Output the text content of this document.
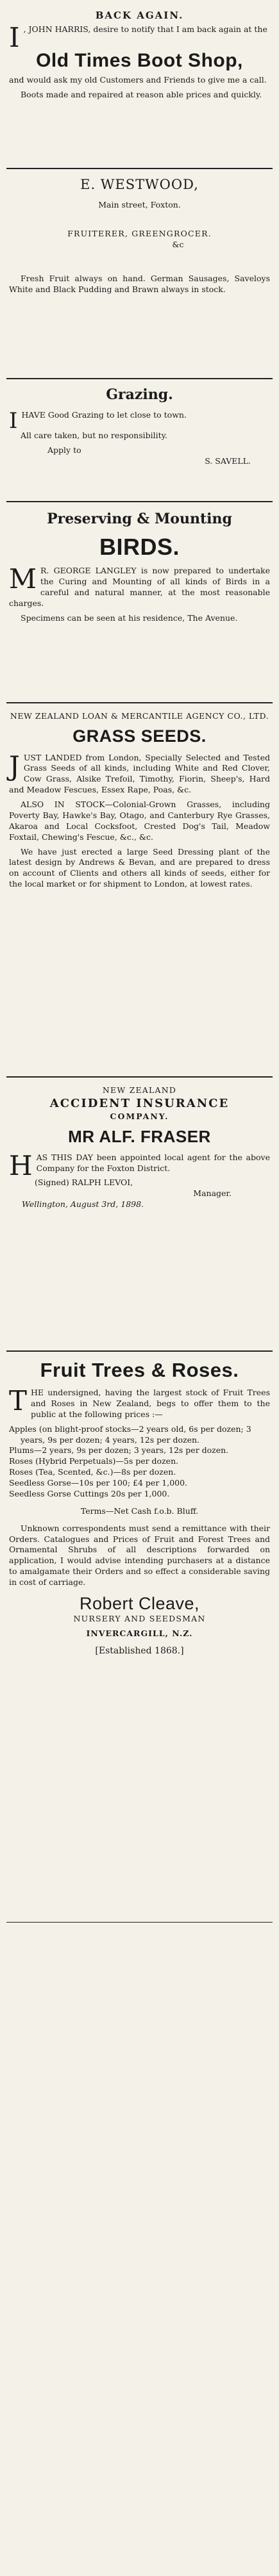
BACK AGAIN.
I , JOHN HARRIS, desire to notify that I am back again at the
Old Times Boot Shop,
and would ask my old Customers and Friends to give me a call.
Boots made and repaired at reason able prices and quickly.
E. WESTWOOD,
Main street, Foxton.
FRUITERER, GREENGROCER.
&c
Fresh Fruit always on hand. German Sausages, Saveloys White and Black Pudding and Brawn always in stock.
Grazing.
I HAVE Good Grazing to let close to town.
All care taken, but no responsibility.
Apply to
S. SAVELL.
Preserving & Mounting
BIRDS.
M R. GEORGE LANGLEY is now prepared to undertake the Curing and Mounting of all kinds of Birds in a careful and natural manner, at the most reasonable charges.
Specimens can be seen at his residence, The Avenue.
NEW ZEALAND LOAN & MERCANTILE AGENCY CO., LTD.
GRASS SEEDS.
J UST LANDED from London, Specially Selected and Tested Grass Seeds of all kinds, including White and Red Clover, Cow Grass, Alsike Trefoil, Timothy, Fiorin, Sheep's, Hard and Meadow Fescues, Essex Rape, Poas, &c.
ALSO IN STOCK—Colonial-Grown Grasses, including Poverty Bay, Hawke's Bay, Otago, and Canterbury Rye Grasses, Akaroa and Local Cocksfoot, Crested Dog's Tail, Meadow Foxtail, Chewing's Fescue, &c., &c.
We have just erected a large Seed Dressing plant of the latest design by Andrews & Bevan, and are prepared to dress on account of Clients and others all kinds of seeds, either for the local market or for shipment to London, at lowest rates.
NEW ZEALAND
ACCIDENT INSURANCE
COMPANY.
MR ALF. FRASER
H AS THIS DAY been appointed local agent for the above Company for the Foxton District.
(Signed) RALPH LEVOI,
Manager.
Wellington, August 3rd, 1898.
Fruit Trees & Roses.
T HE undersigned, having the largest stock of Fruit Trees and Roses in New Zealand, begs to offer them to the public at the following prices :—
Apples (on blight-proof stocks—2 years old, 6s per dozen; 3 years, 9s per dozen; 4 years, 12s per dozen.
Plums—2 years, 9s per dozen; 3 years, 12s per dozen.
Roses (Hybrid Perpetuals)—5s per dozen.
Roses (Tea, Scented, &c.)—8s per dozen.
Seedless Gorse—10s per 100; £4 per 1,000.
Seedless Gorse Cuttings 20s per 1,000.
Terms—Net Cash f.o.b. Bluff.
Unknown correspondents must send a remittance with their Orders. Catalogues and Prices of Fruit and Forest Trees and Ornamental Shrubs of all descriptions forwarded on application, I would advise intending purchasers at a distance to amalgamate their Orders and so effect a considerable saving in cost of carriage.
Robert Cleave,
NURSERY AND SEEDSMAN
INVERCARGILL, N.Z.
[Established 1868.]
